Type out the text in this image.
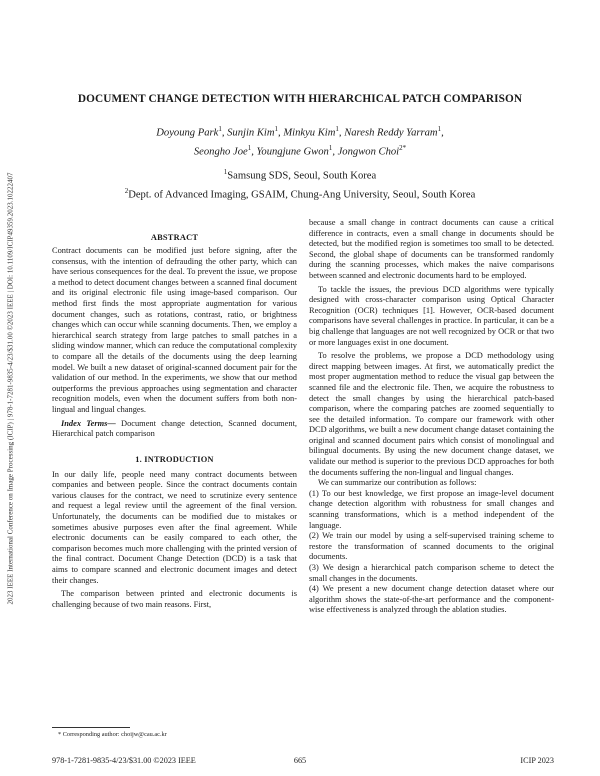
2023 IEEE International Conference on Image Processing (ICIP) | 978-1-7281-9835-4/23/$31.00 ©2023 IEEE | DOI: 10.1109/ICIP49359.2023.10222407
DOCUMENT CHANGE DETECTION WITH HIERARCHICAL PATCH COMPARISON
Doyoung Park$^1$, Sunjin Kim$^1$, Minkyu Kim$^1$, Naresh Reddy Yarram$^1$,
Seongho Joe$^1$, Youngjune Gwon$^1$, Jongwon Choi$^{2*}$
$^1$Samsung SDS, Seoul, South Korea
$^2$Dept. of Advanced Imaging, GSAIM, Chung-Ang University, Seoul, South Korea
ABSTRACT

Contract documents can be modified just before signing, after the consensus, with the intention of defrauding the other party, which can have serious consequences for the deal. To prevent the issue, we propose a method to detect document changes between a scanned final document and its original electronic file using image-based comparison. Our method first finds the most appropriate augmentation for various document changes, such as rotations, contrast, ratio, or brightness changes which can occur while scanning documents. Then, we employ a hierarchical search strategy from large patches to small patches in a sliding window manner, which can reduce the computational complexity to compare all the details of the documents using the deep learning model. We built a new dataset of original-scanned document pair for the validation of our method. In the experiments, we show that our method outperforms the previous approaches using segmentation and character recognition models, even when the document suffers from both non-lingual and lingual changes.

Index Terms— Document change detection, Scanned document, Hierarchical patch comparison

1. INTRODUCTION

In our daily life, people need many contract documents between companies and between people. Since the contract documents contain various clauses for the contract, we need to scrutinize every sentence and request a legal review until the agreement of the final version. Unfortunately, the documents can be modified due to mistakes or sometimes abusive purposes even after the final agreement. While electronic documents can be easily compared to each other, the comparison becomes much more challenging with the printed version of the final contract. Document Change Detection (DCD) is a task that aims to compare scanned and electronic document images and detect their changes.

The comparison between printed and electronic documents is challenging because of two main reasons. First,

because a small change in contract documents can cause a critical difference in contracts, even a small change in documents should be detected, but the modified region is sometimes too small to be detected. Second, the global shape of documents can be transformed randomly during the scanning processes, which makes the naive comparisons between scanned and electronic documents hard to be employed.

To tackle the issues, the previous DCD algorithms were typically designed with cross-character comparison using Optical Character Recognition (OCR) techniques [1]. However, OCR-based document comparisons have several challenges in practice. In particular, it can be a big challenge that languages are not well recognized by OCR or that two or more languages exist in one document.

To resolve the problems, we propose a DCD methodology using direct mapping between images. At first, we automatically predict the most proper augmentation method to reduce the visual gap between the scanned file and the electronic file. Then, we acquire the robustness to detect the small changes by using the hierarchical patch-based comparison, where the comparing patches are zoomed sequentially to see the detailed information. To compare our framework with other DCD algorithms, we built a new document change dataset containing the original and scanned document pairs which consist of monolingual and bilingual documents. By using the new document change dataset, we validate our method is superior to the previous DCD approaches for both the documents suffering the non-lingual and lingual changes.

We can summarize our contribution as follows:

(1) To our best knowledge, we first propose an image-level document change detection algorithm with robustness for small changes and scanning transformations, which is a method independent of the language.

(2) We train our model by using a self-supervised training scheme to restore the transformation of scanned documents to the original documents.

(3) We design a hierarchical patch comparison scheme to detect the small changes in the documents.

(4) We present a new document change detection dataset where our algorithm shows the state-of-the-art performance and the component-wise effectiveness is analyzed through the ablation studies.

* Corresponding author: choijw@cau.ac.kr
978-1-7281-9835-4/23/$31.00 ©2023 IEEE	665	ICIP 2023
